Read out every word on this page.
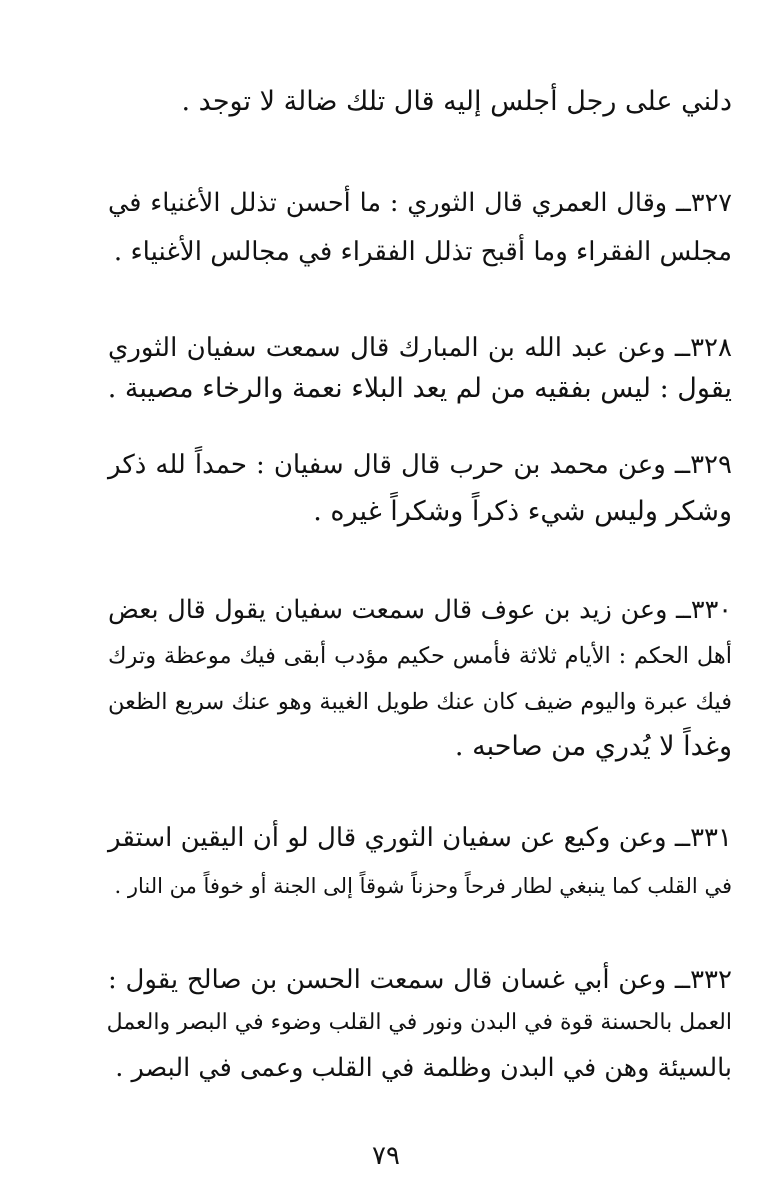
دلني على رجل أجلس إليه قال تلك ضالة لا توجد .
٣٢٧ــ وقال العمري قال الثوري : ما أحسن تذلل الأغنياء في
مجلس الفقراء وما أقبح تذلل الفقراء في مجالس الأغنياء .
٣٢٨ــ وعن عبد الله بن المبارك قال سمعت سفيان الثوري
يقول : ليس بفقيه من لم يعد البلاء نعمة والرخاء مصيبة .
٣٢٩ــ وعن محمد بن حرب قال قال سفيان : حمداً لله ذكر
وشكر وليس شيء ذكراً وشكراً غيره .
٣٣٠ــ وعن زيد بن عوف قال سمعت سفيان يقول قال بعض
أهل الحكم : الأيام ثلاثة فأمس حكيم مؤدب أبقى فيك موعظة وترك
فيك عبرة واليوم ضيف كان عنك طويل الغيبة وهو عنك سريع الظعن
وغداً لا يُدري من صاحبه .
٣٣١ــ وعن وكيع عن سفيان الثوري قال لو أن اليقين استقر
في القلب كما ينبغي لطار فرحاً وحزناً شوقاً إلى الجنة أو خوفاً من النار .
٣٣٢ــ وعن أبي غسان قال سمعت الحسن بن صالح يقول :
العمل بالحسنة قوة في البدن ونور في القلب وضوء في البصر والعمل
بالسيئة وهن في البدن وظلمة في القلب وعمى في البصر .
٧٩
